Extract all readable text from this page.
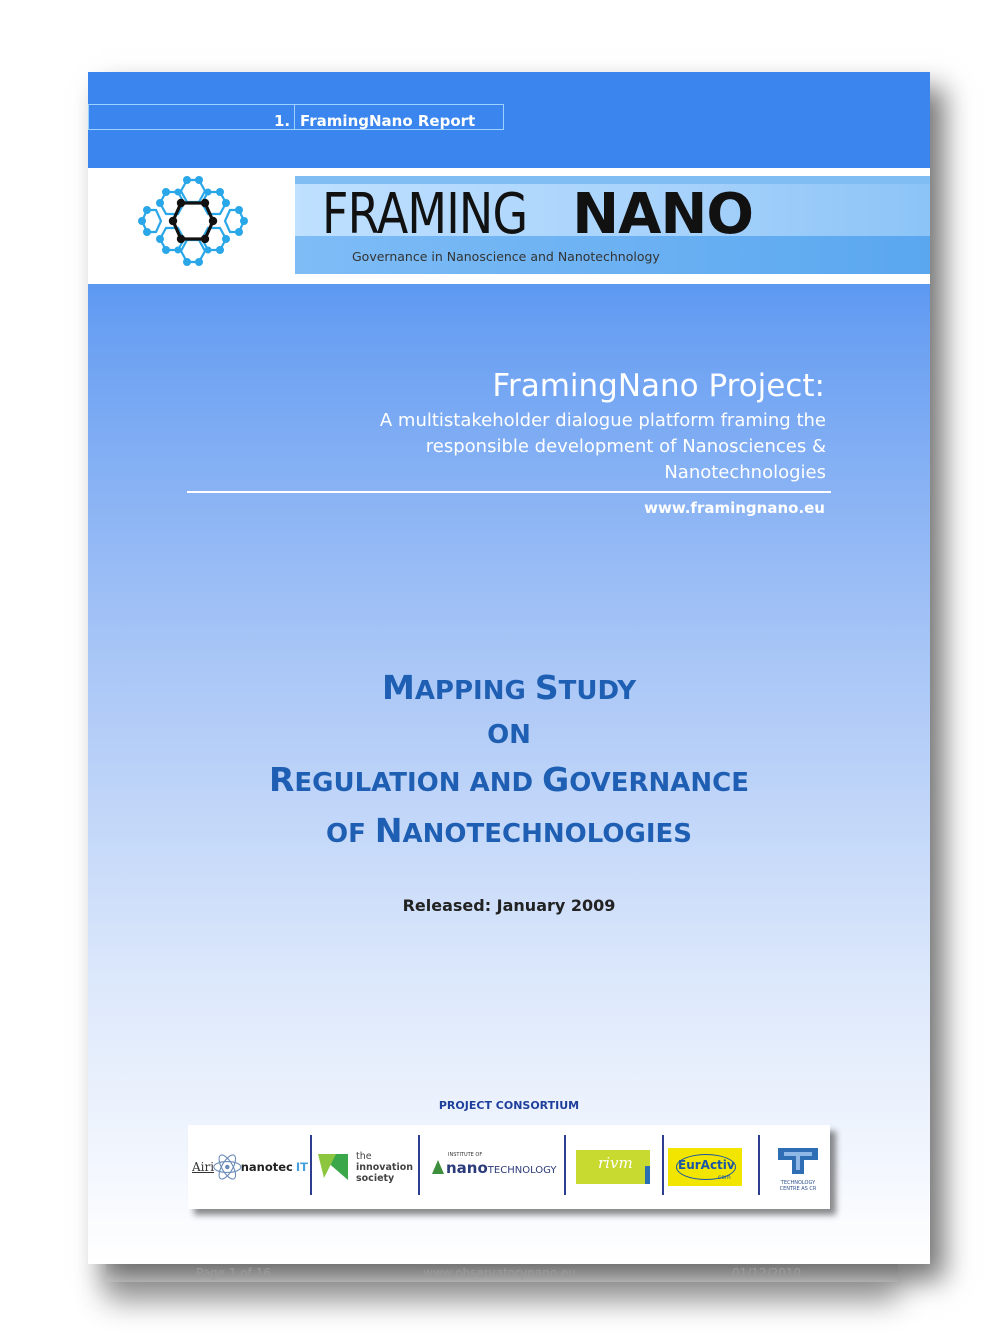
1. FramingNano Report
FRAMINGNANO
Governance in Nanoscience and Nanotechnology
FramingNano Project:
A multistakeholder dialogue platform framing the
responsible development of Nanosciences &
Nanotechnologies
www.framingnano.eu
MAPPING STUDY
ON
REGULATION AND GOVERNANCE
OF NANOTECHNOLOGIES
Released: January 2009
PROJECT CONSORTIUM
Airi nanotec IT
the
innovation
society
INSTITUTE OF
nanoTECHNOLOGY	rivm	EurActiv
.com
TECHNOLOGY
CENTRE AS CR
Page 1 of 16	www.observatorynano.eu	01/12/2010
